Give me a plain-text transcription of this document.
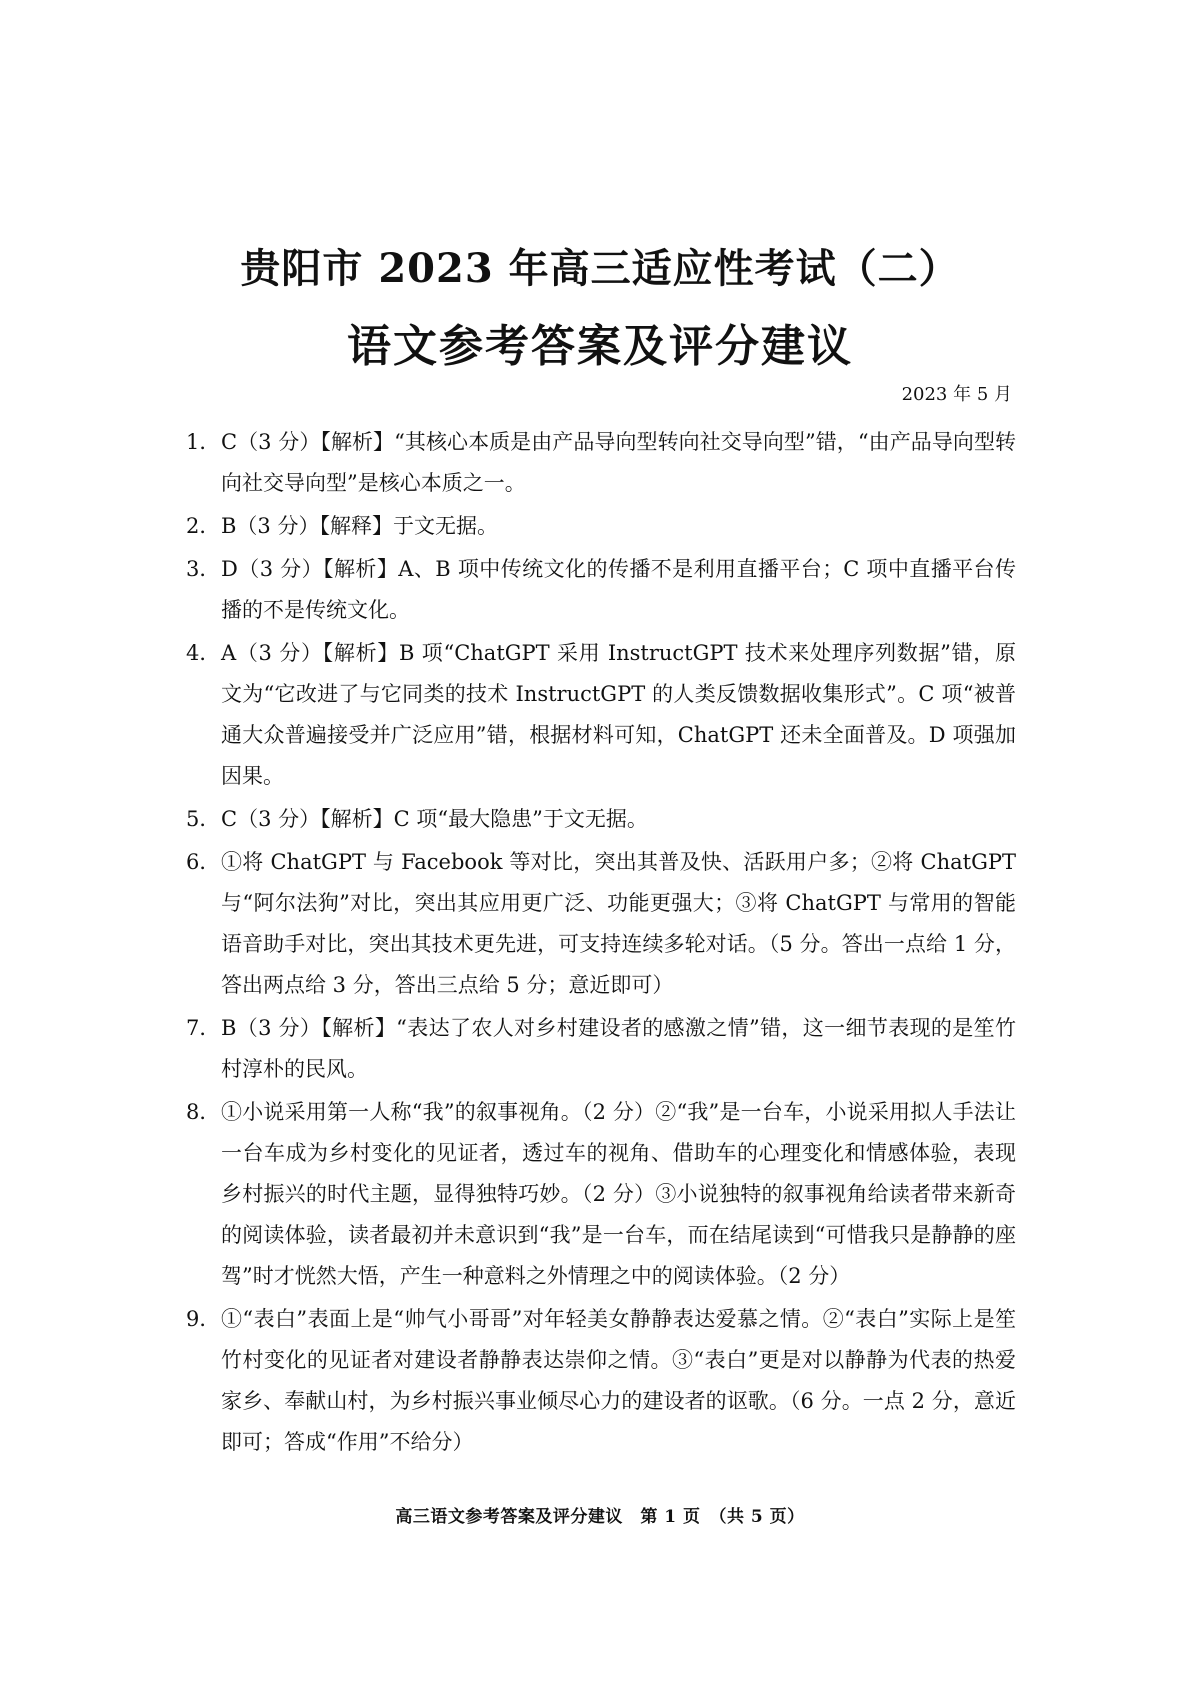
贵阳市 2023 年高三适应性考试（二）
语文参考答案及评分建议
2023 年 5 月
1． C（3 分）【解析】“其核心本质是由产品导向型转向社交导向型”错，“由产品导向型转向社交导向型”是核心本质之一。
2． B（3 分）【解释】于文无据。
3． D（3 分）【解析】A、B 项中传统文化的传播不是利用直播平台；C 项中直播平台传播的不是传统文化。
4． A（3 分）【解析】B 项“ChatGPT 采用 InstructGPT 技术来处理序列数据”错，原文为“它改进了与它同类的技术 InstructGPT 的人类反馈数据收集形式”。C 项“被普通大众普遍接受并广泛应用”错，根据材料可知，ChatGPT 还未全面普及。D 项强加因果。
5． C（3 分）【解析】C 项“最大隐患”于文无据。
6． ①将 ChatGPT 与 Facebook 等对比，突出其普及快、活跃用户多；②将 ChatGPT 与“阿尔法狗”对比，突出其应用更广泛、功能更强大；③将 ChatGPT 与常用的智能语音助手对比，突出其技术更先进，可支持连续多轮对话。（5 分。答出一点给 1 分，答出两点给 3 分，答出三点给 5 分；意近即可）
7． B（3 分）【解析】“表达了农人对乡村建设者的感激之情”错，这一细节表现的是笙竹村淳朴的民风。
8． ①小说采用第一人称“我”的叙事视角。（2 分）②“我”是一台车，小说采用拟人手法让一台车成为乡村变化的见证者，透过车的视角、借助车的心理变化和情感体验，表现乡村振兴的时代主题，显得独特巧妙。（2 分）③小说独特的叙事视角给读者带来新奇的阅读体验，读者最初并未意识到“我”是一台车，而在结尾读到“可惜我只是静静的座驾”时才恍然大悟，产生一种意料之外情理之中的阅读体验。（2 分）
9． ①“表白”表面上是“帅气小哥哥”对年轻美女静静表达爱慕之情。②“表白”实际上是笙竹村变化的见证者对建设者静静表达崇仰之情。③“表白”更是对以静静为代表的热爱家乡、奉献山村，为乡村振兴事业倾尽心力的建设者的讴歌。（6 分。一点 2 分，意近即可；答成“作用”不给分）
高三语文参考答案及评分建议　第 1 页　（共 5 页）
